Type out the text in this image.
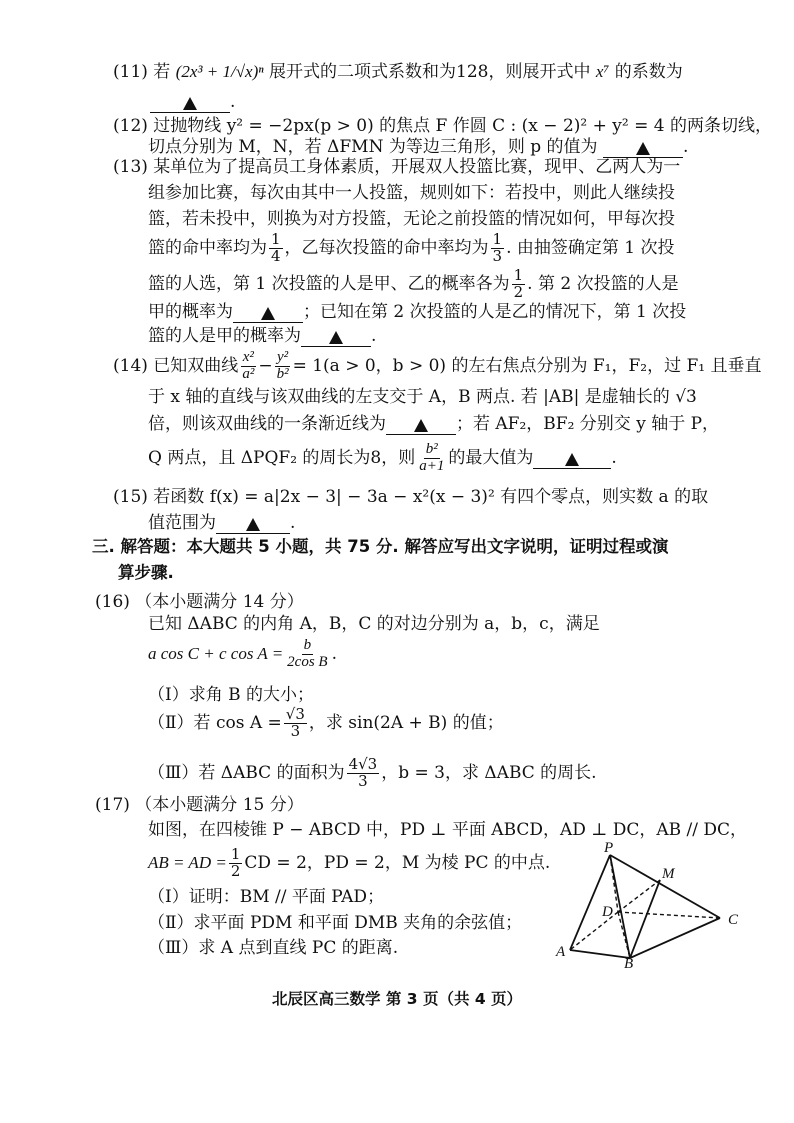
(11) 若 (2x³ + 1/√x)ⁿ 展开式的二项式系数和为128，则展开式中 x⁷ 的系数为
.
(12) 过抛物线 y² = −2px(p > 0) 的焦点 F 作圆 C : (x − 2)² + y² = 4 的两条切线，
切点分别为 M，N，若 ΔFMN 为等边三角形，则 p 的值为	.
(13) 某单位为了提高员工身体素质，开展双人投篮比赛，现甲、乙两人为一
组参加比赛，每次由其中一人投篮，规则如下：若投中，则此人继续投
篮，若未投中，则换为对方投篮，无论之前投篮的情况如何，甲每次投
篮的命中率均为 $\frac{1}{4}$ ，乙每次投篮的命中率均为 $\frac{1}{3}$ . 由抽签确定第 1 次投
篮的人选，第 1 次投篮的人是甲、乙的概率各为 $\frac{1}{2}$ . 第 2 次投篮的人是
甲的概率为	；已知在第 2 次投篮的人是乙的情况下，第 1 次投
篮的人是甲的概率为	.
(14) 已知双曲线 $\frac{\text{x²}}{\text{a²}} - \frac{\text{y²}}{\text{b²}} = 1(a > 0$，b > 0) 的左右焦点分别为 F₁，F₂，过 F₁ 且垂直
于 x 轴的直线与该双曲线的左支交于 A，B 两点. 若 |AB| 是虚轴长的 √3
倍，则该双曲线的一条渐近线为	；若 AF₂，BF₂ 分别交 y 轴于 P，
Q 两点，且 ΔPQF₂ 的周长为8，则 $\frac{\text{b²}}{a+1}$ 的最大值为	.
(15) 若函数 f(x) = a|2x − 3| − 3a − x²(x − 3)² 有四个零点，则实数 a 的取
值范围为	.
三. 解答题：本大题共 5 小题，共 75 分. 解答应写出文字说明，证明过程或演
算步骤.
(16) （本小题满分 14 分）
已知 ΔABC 的内角 A，B，C 的对边分别为 a，b，c，满足
a cos C + c $\cos A = \frac{b}{\text{2cos B}}$ .
（Ⅰ）求角 B 的大小；
（Ⅱ）若 $\cos A = \frac{√3}{3}$ ，求 sin(2A + B) 的值；
（Ⅲ）若 ΔABC 的面积为 $\frac{4√3}{3}$ ，b = 3，求 ΔABC 的周长.
(17) （本小题满分 15 分）
如图，在四棱锥 P − ABCD 中，PD ⊥ 平面 ABCD，AD ⊥ DC，AB // DC，
AB = AD = $\frac{1}{2}$ CD = 2，PD = 2，M 为棱 PC 的中点.
（Ⅰ）证明：BM // 平面 PAD；
（Ⅱ）求平面 PDM 和平面 DMB 夹角的余弦值；
（Ⅲ）求 A 点到直线 PC 的距离.
P
M
D	C
A
B
北辰区高三数学 第 3 页（共 4 页）
